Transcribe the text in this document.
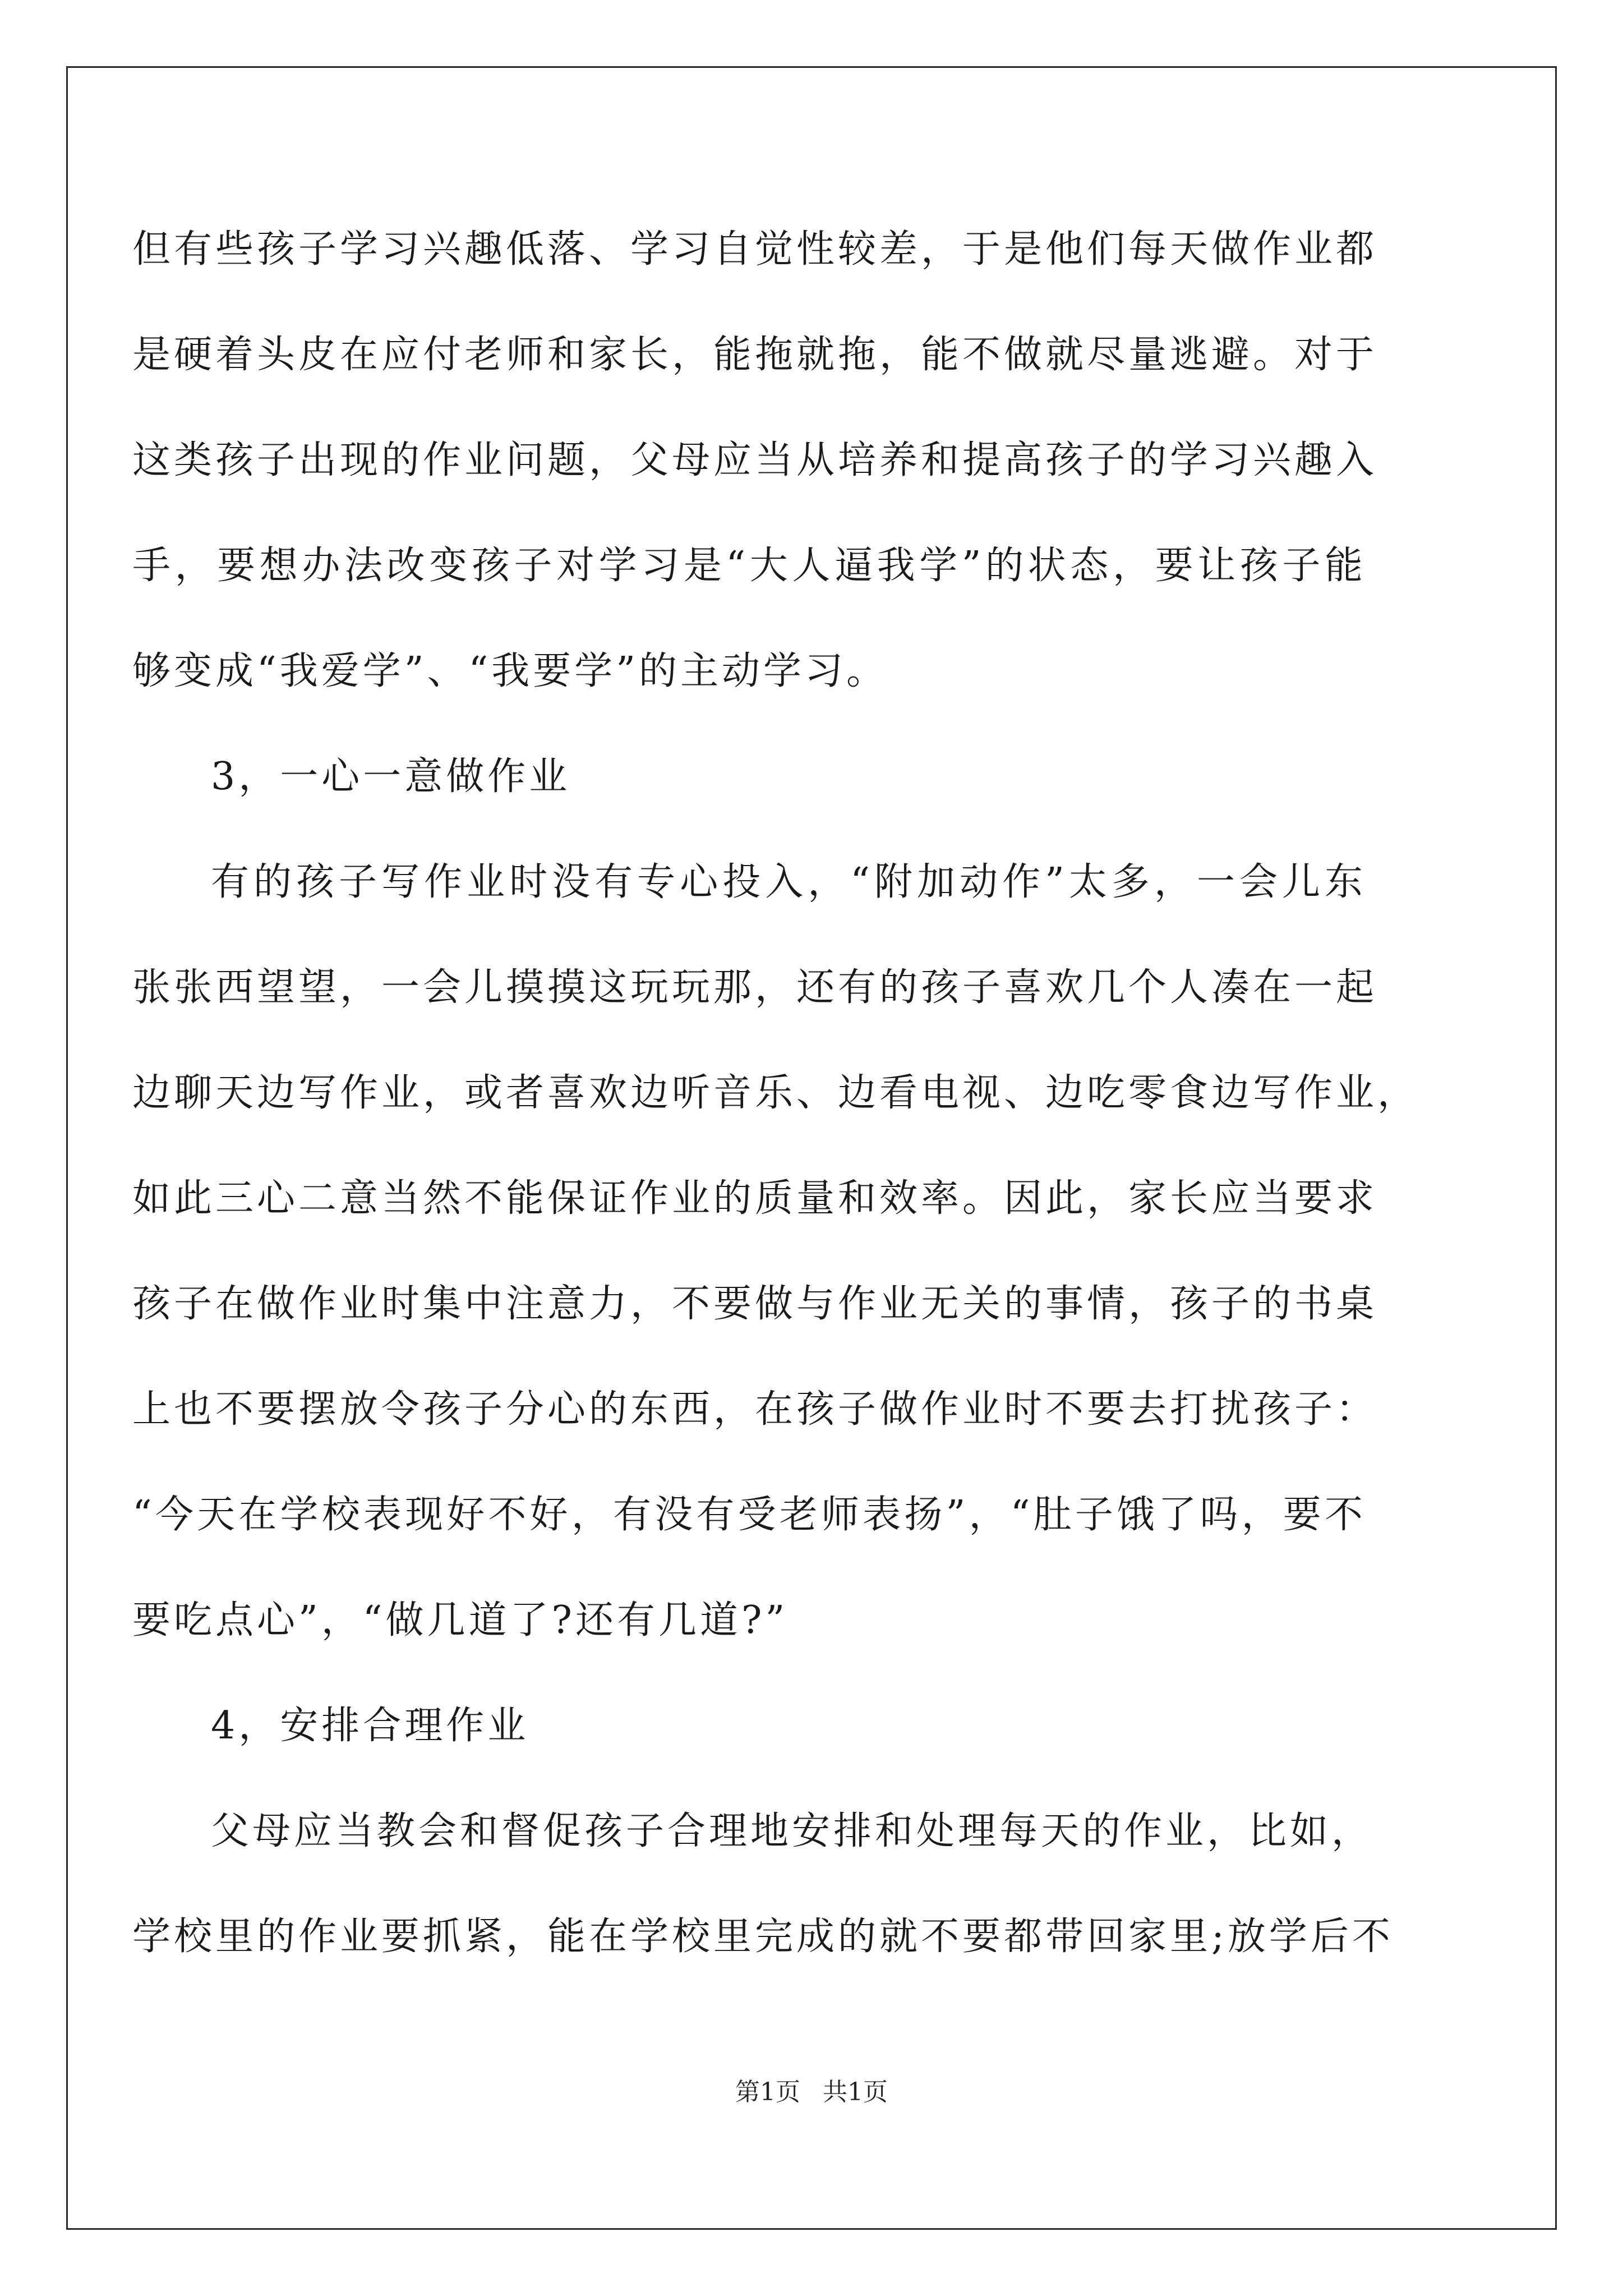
但有些孩子学习兴趣低落、学习自觉性较差，于是他们每天做作业都
是硬着头皮在应付老师和家长，能拖就拖，能不做就尽量逃避。对于
这类孩子出现的作业问题，父母应当从培养和提高孩子的学习兴趣入
手，要想办法改变孩子对学习是“大人逼我学”的状态，要让孩子能
够变成“我爱学”、“我要学”的主动学习。
3，一心一意做作业
有的孩子写作业时没有专心投入，“附加动作”太多，一会儿东
张张西望望，一会儿摸摸这玩玩那，还有的孩子喜欢几个人凑在一起
边聊天边写作业，或者喜欢边听音乐、边看电视、边吃零食边写作业，
如此三心二意当然不能保证作业的质量和效率。因此，家长应当要求
孩子在做作业时集中注意力，不要做与作业无关的事情，孩子的书桌
上也不要摆放令孩子分心的东西，在孩子做作业时不要去打扰孩子：
“今天在学校表现好不好，有没有受老师表扬”，“肚子饿了吗，要不
要吃点心”，“做几道了?还有几道?”
4，安排合理作业
父母应当教会和督促孩子合理地安排和处理每天的作业，比如，
学校里的作业要抓紧，能在学校里完成的就不要都带回家里;放学后不
第1页 共1页
